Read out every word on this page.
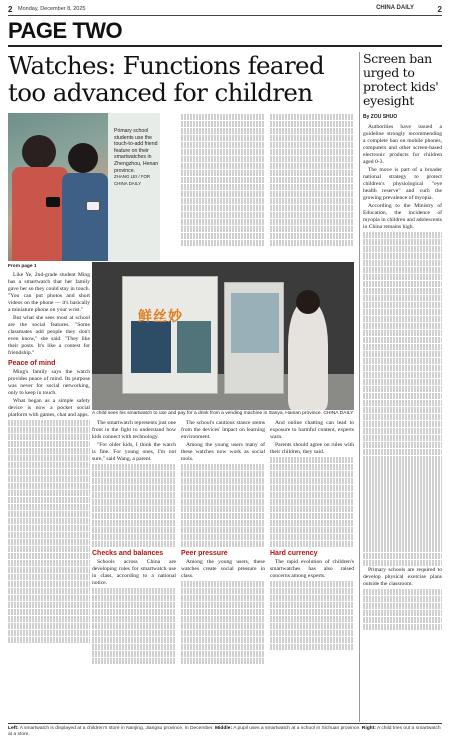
2 Monday, December 8, 2025	CHINA DAILY	2
PAGE TWO
Watches: Functions feared too advanced for children
Primary school students use the touch-to-add friend feature on their smartwatches in Zhengzhou, Henan province.
ZHANG LEI / FOR CHINA DAILY
From page 1

Like Ye, 2nd-grade student Ming has a smartwatch that her family gave her so they could stay in touch. "You can put photos and short videos on the phone — it's basically a miniature phone on your wrist."

But what she sees most at school are the social features. "Some classmates add people they don't even know," she said. "They like their posts. It's like a contest for friendship."

Peace of mind

Ming's family says the watch provides peace of mind. Its purpose was never for social networking, only to keep in touch.

What began as a simple safety device is now a pocket social platform with games, chat and apps.

鲜丝妙
A child sees his smartwatch to use and pay for a drink from a vending machine in Sanya, Hainan province. CHINA DAILY

The smartwatch represents just one front in the fight to understand how kids connect with technology.

"For older kids, I think the watch is fine. For young ones, I'm not sure," said Wang, a parent.

Checks and balances

Schools across China are developing rules for smartwatch use in class, according to a national notice.

The school's cautious stance stems from the devices' impact on learning environment.

Among the young users many of these watches now work as social tools.

Peer pressure

Among the young users, these watches create social pressure in class.

And online chatting can lead to exposure to harmful content, experts warn.

Parents should agree on rules with their children, they said.

Hard currency

The rapid evolution of children's smartwatches has also raised concerns among experts.

Screen ban urged to protect kids' eyesight
By ZOU SHUO

Authorities have issued a guideline strongly recommending a complete ban on mobile phones, computers and other screen-based electronic products for children aged 0-3.

The move is part of a broader national strategy to protect children's physiological "eye health reserve" and curb the growing prevalence of myopia.

According to the Ministry of Education, the incidence of myopia in children and adolescents in China remains high.

Primary schools are required to develop physical exercise plans outside the classroom.

Left: A smartwatch is displayed at a children's store in Nanjing, Jiangsu province, in December. Middle: A pupil uses a smartwatch at a school in Sichuan province. Right: A child tries out a smartwatch at a store.
